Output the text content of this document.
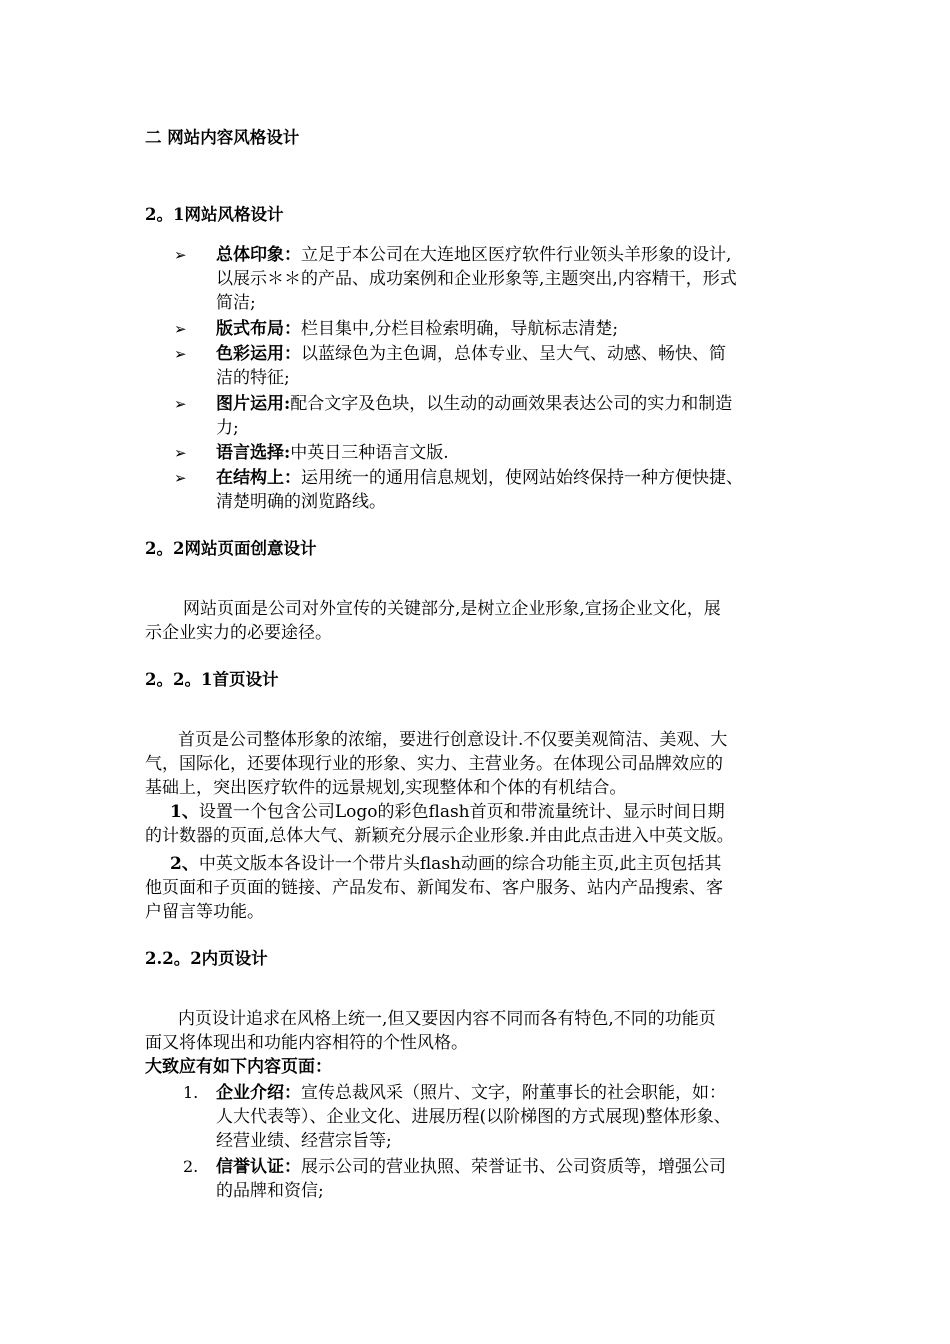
二 网站内容风格设计
2。1网站风格设计
➢ 总体印象：立足于本公司在大连地区医疗软件行业领头羊形象的设计,
以展示＊＊的产品、成功案例和企业形象等,主题突出,内容精干，形式
简洁;
➢ 版式布局：栏目集中,分栏目检索明确，导航标志清楚;
➢ 色彩运用：以蓝绿色为主色调，总体专业、呈大气、动感、畅快、简
洁的特征;
➢ 图片运用:配合文字及色块，以生动的动画效果表达公司的实力和制造
力;
➢ 语言选择:中英日三种语言文版.
➢ 在结构上：运用统一的通用信息规划，使网站始终保持一种方便快捷、
清楚明确的浏览路线。
2。2网站页面创意设计
网站页面是公司对外宣传的关键部分,是树立企业形象,宣扬企业文化，展
示企业实力的必要途径。
2。2。1首页设计
首页是公司整体形象的浓缩，要进行创意设计.不仅要美观简洁、美观、大
气，国际化，还要体现行业的形象、实力、主营业务。在体现公司品牌效应的
基础上，突出医疗软件的远景规划,实现整体和个体的有机结合。
1、设置一个包含公司Logo的彩色flash首页和带流量统计、显示时间日期
的计数器的页面,总体大气、新颖充分展示企业形象.并由此点击进入中英文版。
2、中英文版本各设计一个带片头flash动画的综合功能主页,此主页包括其
他页面和子页面的链接、产品发布、新闻发布、客户服务、站内产品搜索、客
户留言等功能。
2.2。2内页设计
内页设计追求在风格上统一,但又要因内容不同而各有特色,不同的功能页
面又将体现出和功能内容相符的个性风格。
大致应有如下内容页面：
1. 企业介绍：宣传总裁风采（照片、文字，附董事长的社会职能，如：
人大代表等）、企业文化、进展历程(以阶梯图的方式展现)整体形象、
经营业绩、经营宗旨等;
2. 信誉认证：展示公司的营业执照、荣誉证书、公司资质等，增强公司
的品牌和资信;
